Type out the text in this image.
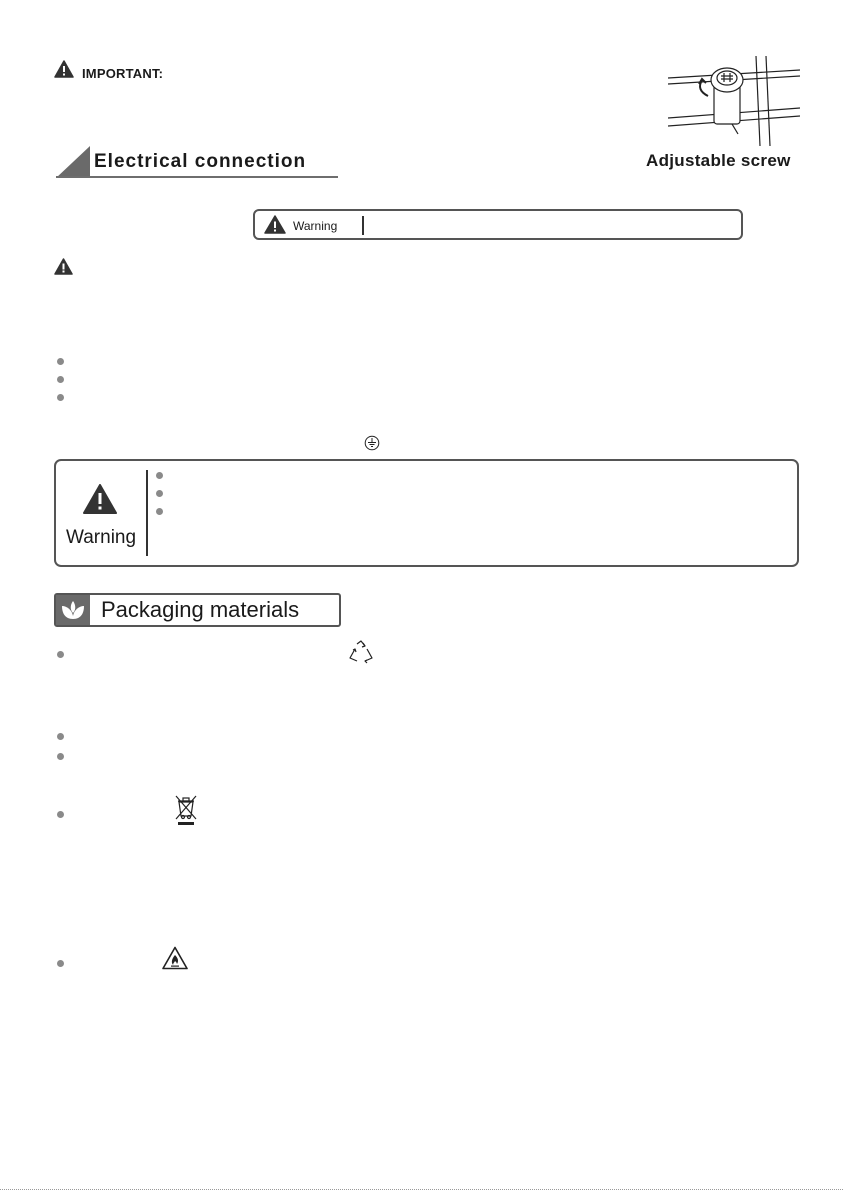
IMPORTANT:
Adjustable screw
Electrical connection
Warning
Warning
Packaging materials
